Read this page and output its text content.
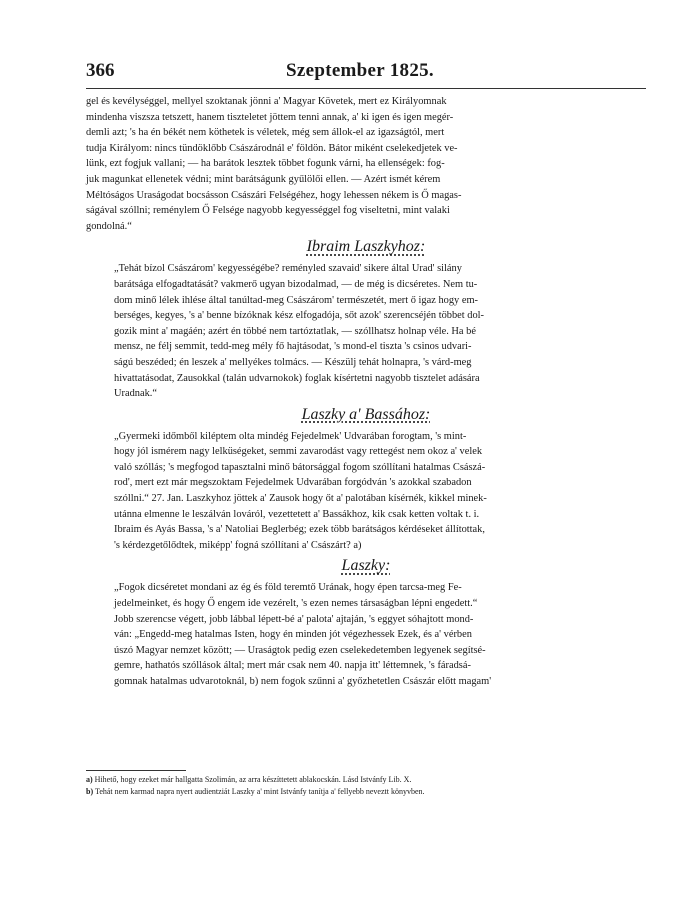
366	Szeptember 1825.

gel és kevélységgel, mellyel szoktanak jönni a' Magyar Követek, mert ez Királyomnak
mindenha viszsza tetszett, hanem tiszteletet jöttem tenni annak, a' ki igen és igen megér-
demli azt; 's ha én békét nem köthetek is véletek, még sem állok-el az igazságtól, mert
tudja Királyom: nincs tündöklőbb Császárodnál e' földön. Bátor miként cselekedjetek ve-
lünk, ezt fogjuk vallani; — ha barátok lesztek többet fogunk várni, ha ellenségek: fog-
juk magunkat ellenetek védni; mint barátságunk gyűlölői ellen. — Azért ismét kérem
Méltóságos Uraságodat bocsásson Császári Felségéhez, hogy lehessen nékem is Ő magas-
ságával szóllni; reménylem Ő Felsége nagyobb kegyességgel fog viseltetni, mint valaki
gondolná.“

Ibraim Laszkyhoz:

„Tehát bízol Császárom' kegyességébe? reményled szavaid' sikere által Urad' silány
barátsága elfogadtatását? vakmerő ugyan bizodalmad, — de még is dicséretes. Nem tu-
dom minő lélek ihlése által tanúltad-meg Császárom' természetét, mert ő igaz hogy em-
berséges, kegyes, 's a' benne bízóknak kész elfogadója, sőt azok' szerencséjén többet dol-
gozik mint a' magáén; azért én többé nem tartóztatlak, — szóllhatsz holnap véle. Ha bé
mensz, ne félj semmit, tedd-meg mély fő hajtásodat, 's mond-el tiszta 's csinos udvari-
ságú beszéded; én leszek a' mellyékes tolmács. — Készülj tehát holnapra, 's várd-meg
hivattatásodat, Zausokkal (talán udvarnokok) foglak kísértetni nagyobb tisztelet adására
Uradnak.“

Laszky a' Bassához:

„Gyermeki időmből kiléptem olta mindég Fejedelmek' Udvarában forogtam, 's mint-
hogy jól ismérem nagy lelküségeket, semmi zavarodást vagy rettegést nem okoz a' velek
való szóllás; 's megfogod tapasztalni minő bátorsággal fogom szóllítani hatalmas Császá-
rod', mert ezt már megszoktam Fejedelmek Udvarában forgódván 's azokkal szabadon
szóllni.“ 27. Jan. Laszkyhoz jöttek a' Zausok hogy őt a' palotában kísérnék, kikkel minek-
utánna elmenne le leszálván lováról, vezettetett a' Bassákhoz, kik csak ketten voltak t. i.
Ibraim és Ayás Bassa, 's a' Natoliai Beglerbég; ezek több barátságos kérdéseket állítottak,
's kérdezgetőlődtek, miképp' fogná szóllítani a' Császárt? a)

Laszky:

„Fogok dicséretet mondani az ég és föld teremtő Urának, hogy épen tarcsa-meg Fe-
jedelmeinket, és hogy Ő engem ide vezérelt, 's ezen nemes társaságban lépni engedett.“
Jobb szerencse végett, jobb lábbal lépett-bé a' palota' ajtaján, 's eggyet sóhajtott mond-
ván: „Engedd-meg hatalmas Isten, hogy én minden jót végezhessek Ezek, és a' vérben
úszó Magyar nemzet között; — Uraságtok pedig ezen cselekedetemben legyenek segítsé-
gemre, hathatós szóllások által; mert már csak nem 40. napja itt' léttemnek, 's fáradsá-
gomnak hatalmas udvarotoknál, b) nem fogok szűnni a' győzhetetlen Császár előtt magam'

a) Hihető, hogy ezeket már hallgatta Szolimán, az arra készíttetett ablakocskán. Lásd Istvánfy Lib. X.
b) Tehát nem karmad napra nyert audientziát Laszky a' mint Istvánfy tanítja a' fellyebb neveztt könyvben.
